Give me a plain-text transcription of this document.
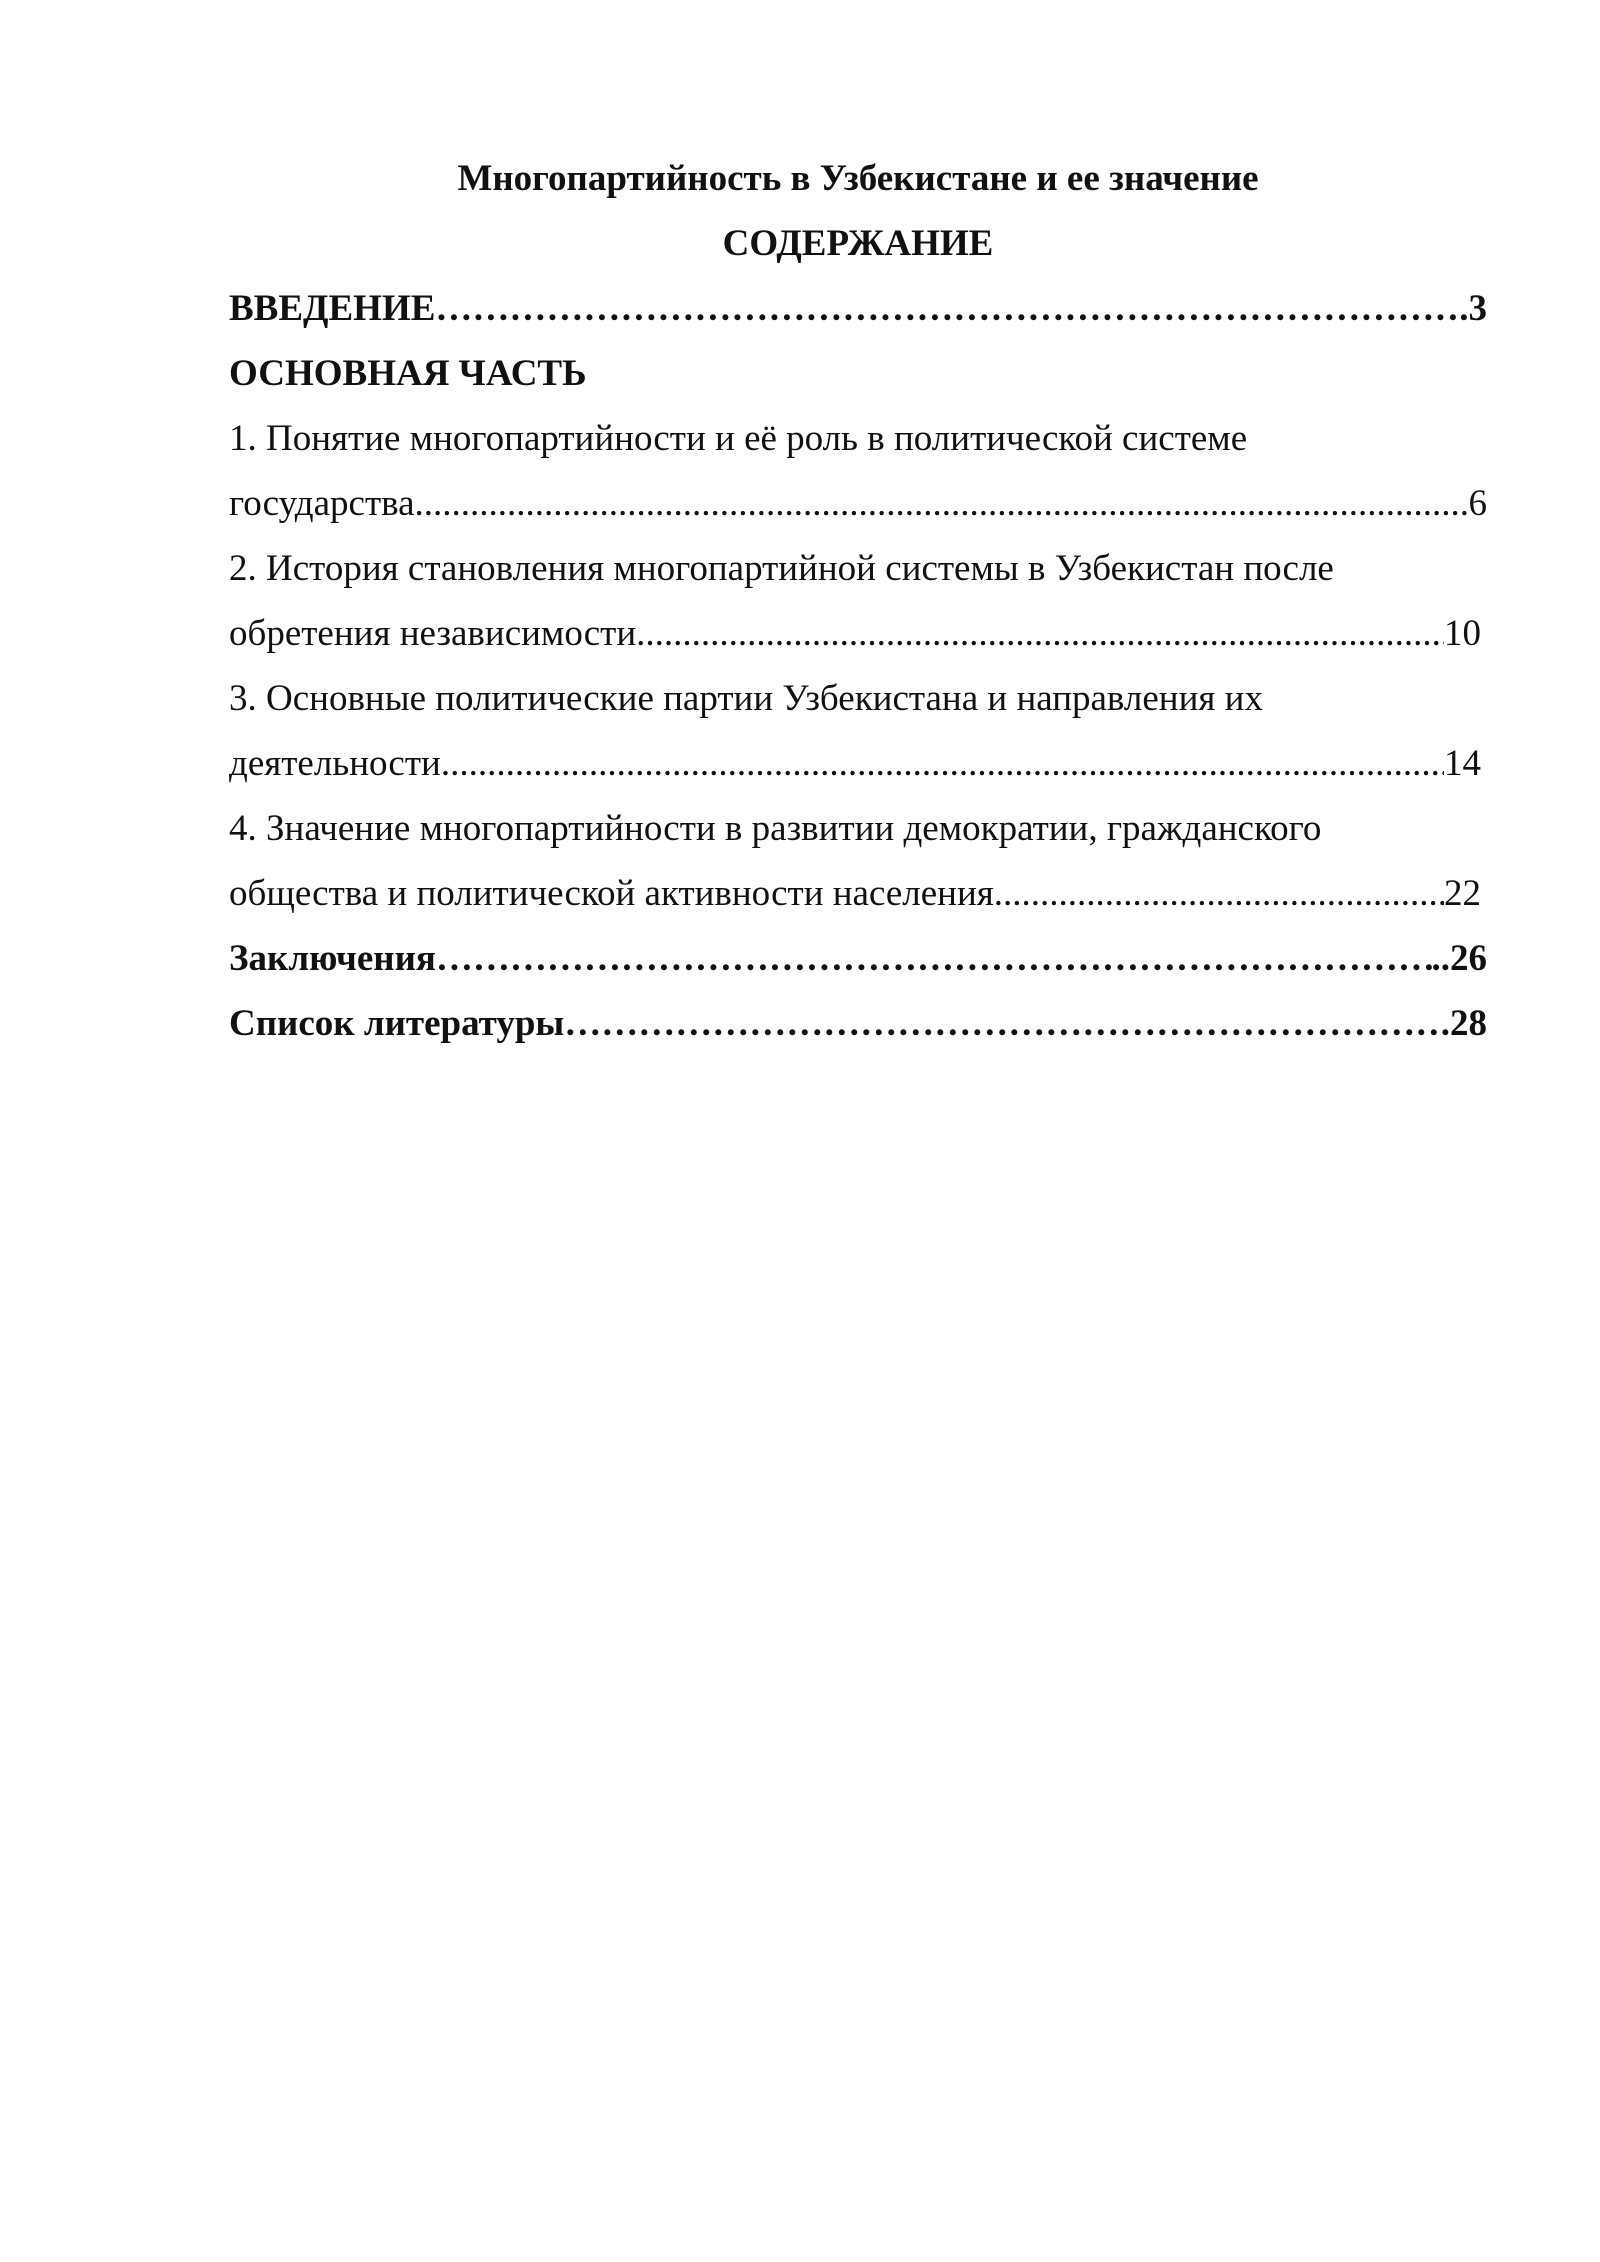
Многопартийность в Узбекистане и ее значение
СОДЕРЖАНИЕ
ВВЕДЕНИЕ ………………………………………………………………………………………………………………………………………………………………………………………………………………………………………………	.3
ОСНОВНАЯ ЧАСТЬ
1. Понятие многопартийности и её роль в политической системе
государства .....	6
2. История становления многопартийной системы в Узбекистан после
обретения независимости .....	10
3. Основные политические партии Узбекистана и направления их
деятельности .....	14
4. Значение многопартийности в развитии демократии, гражданского
общества и политической активности населения .....	22
Заключения ………………………………………………………………………………………………………………………………………………………………………………………………………………………………………………	..26
Список литературы ………………………………………………………………………………………………………………………………………………………………………………………………………………………………………………	.28
